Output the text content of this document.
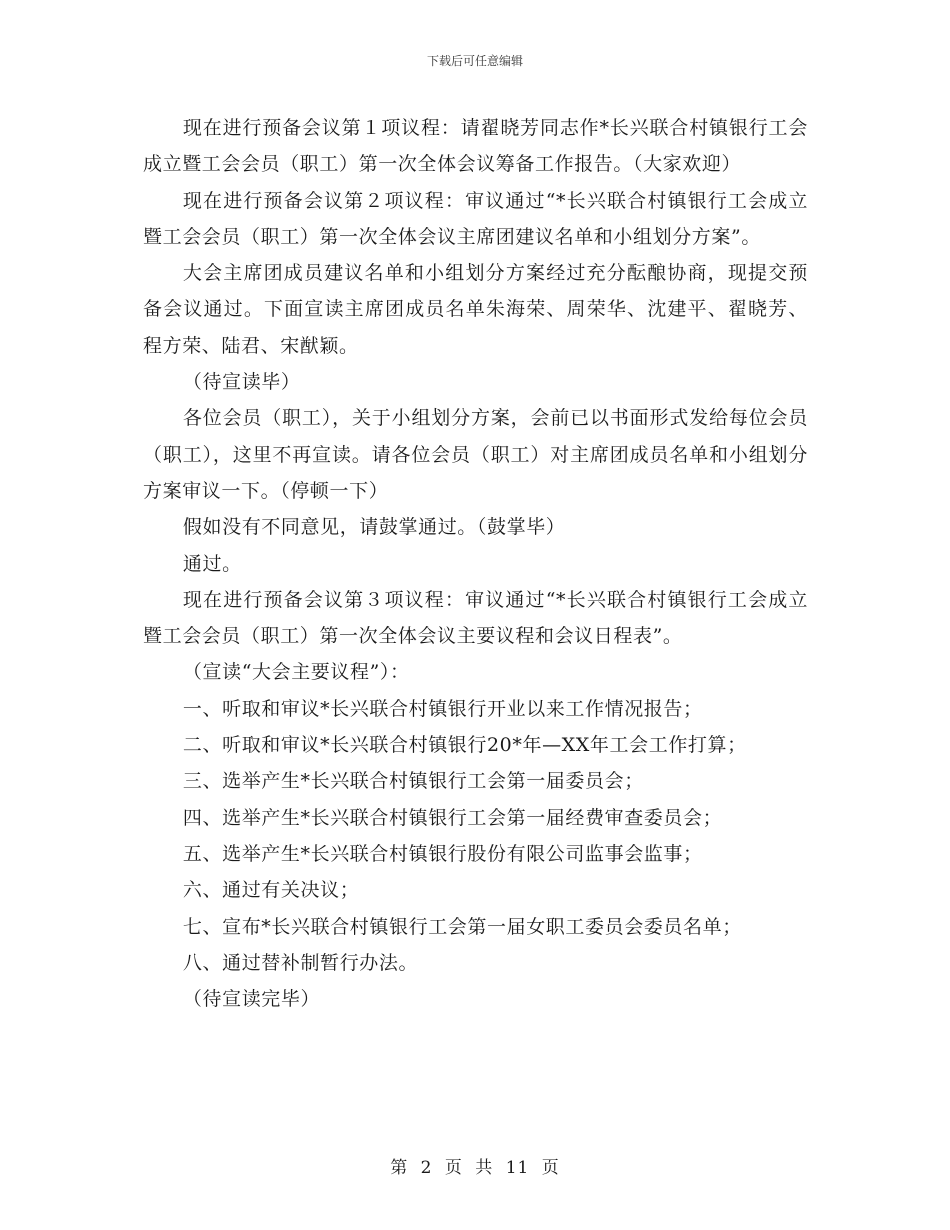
下载后可任意编辑

现在进行预备会议第１项议程：请翟晓芳同志作*长兴联合村镇银行工会成立暨工会会员（职工）第一次全体会议筹备工作报告。（大家欢迎）

现在进行预备会议第２项议程：审议通过“*长兴联合村镇银行工会成立暨工会会员（职工）第一次全体会议主席团建议名单和小组划分方案”。

大会主席团成员建议名单和小组划分方案经过充分酝酿协商，现提交预备会议通过。下面宣读主席团成员名单朱海荣、周荣华、沈建平、翟晓芳、程方荣、陆君、宋猷颖。

（待宣读毕）

各位会员（职工），关于小组划分方案，会前已以书面形式发给每位会员（职工），这里不再宣读。请各位会员（职工）对主席团成员名单和小组划分方案审议一下。（停顿一下）

假如没有不同意见，请鼓掌通过。（鼓掌毕）

通过。

现在进行预备会议第３项议程：审议通过“*长兴联合村镇银行工会成立暨工会会员（职工）第一次全体会议主要议程和会议日程表”。

（宣读“大会主要议程”）：

一、听取和审议*长兴联合村镇银行开业以来工作情况报告；

二、听取和审议*长兴联合村镇银行20*年—XX年工会工作打算；

三、选举产生*长兴联合村镇银行工会第一届委员会；

四、选举产生*长兴联合村镇银行工会第一届经费审查委员会；

五、选举产生*长兴联合村镇银行股份有限公司监事会监事；

六、通过有关决议；

七、宣布*长兴联合村镇银行工会第一届女职工委员会委员名单；

八、通过替补制暂行办法。

（待宣读完毕）

第 2 页 共 11 页
